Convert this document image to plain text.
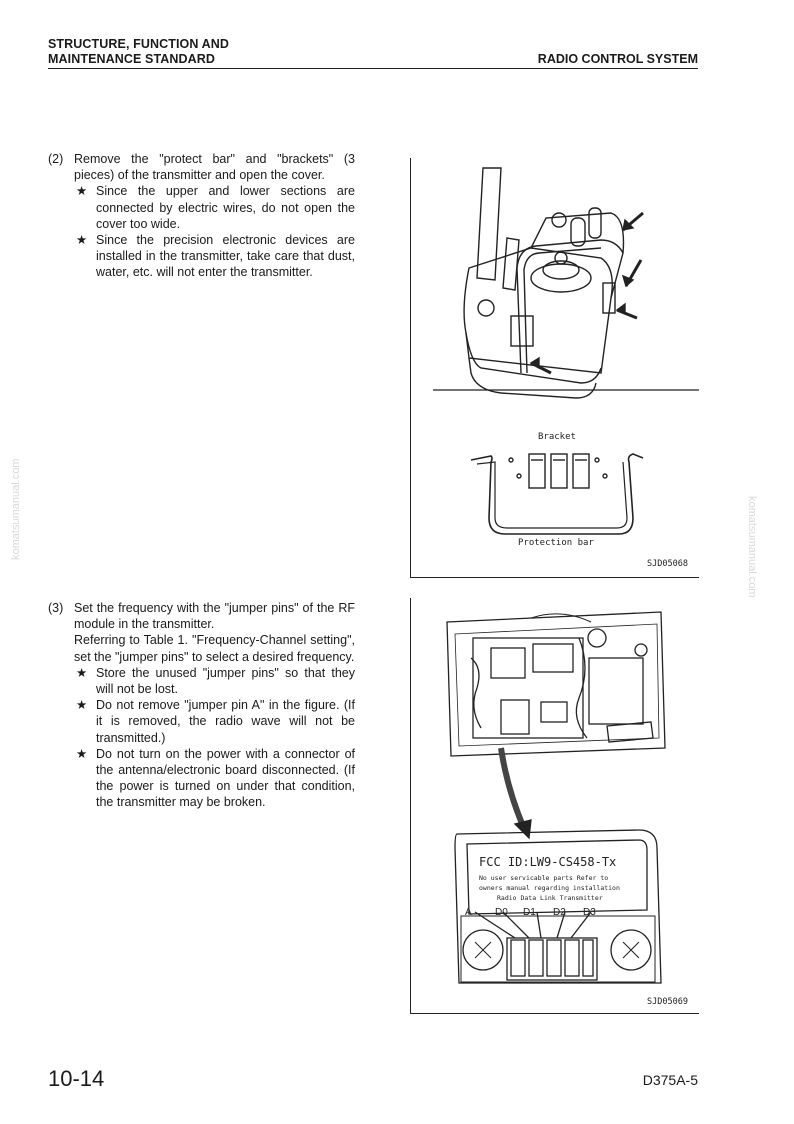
STRUCTURE, FUNCTION AND
MAINTENANCE STANDARD	RADIO CONTROL SYSTEM
komatsumanual.com	komatsumanual.com
(2) Remove the "protect bar" and "brackets" (3 pieces) of the transmitter and open the cover.
★ Since the upper and lower sections are connected by electric wires, do not open the cover too wide.
★ Since the precision electronic devices are installed in the transmitter, take care that dust, water, etc. will not enter the transmitter.
(3) Set the frequency with the "jumper pins" of the RF module in the transmitter.
Referring to Table 1. "Frequency-Channel setting", set the "jumper pins" to select a desired frequency.
★ Store the unused "jumper pins" so that they will not be lost.
★ Do not remove "jumper pin A" in the figure. (If it is removed, the radio wave will not be transmitted.)
★ Do not turn on the power with a connector of the antenna/electronic board disconnected. (If the power is turned on under that condition, the transmitter may be broken.
Bracket
Protection bar
SJD05068
FCC ID:LW9-CS458-Tx
No user servicable parts Refer to
owners manual regarding installation
Radio Data Link Transmitter
A D0 D1 D2 D3
SJD05069
10-14	D375A-5
